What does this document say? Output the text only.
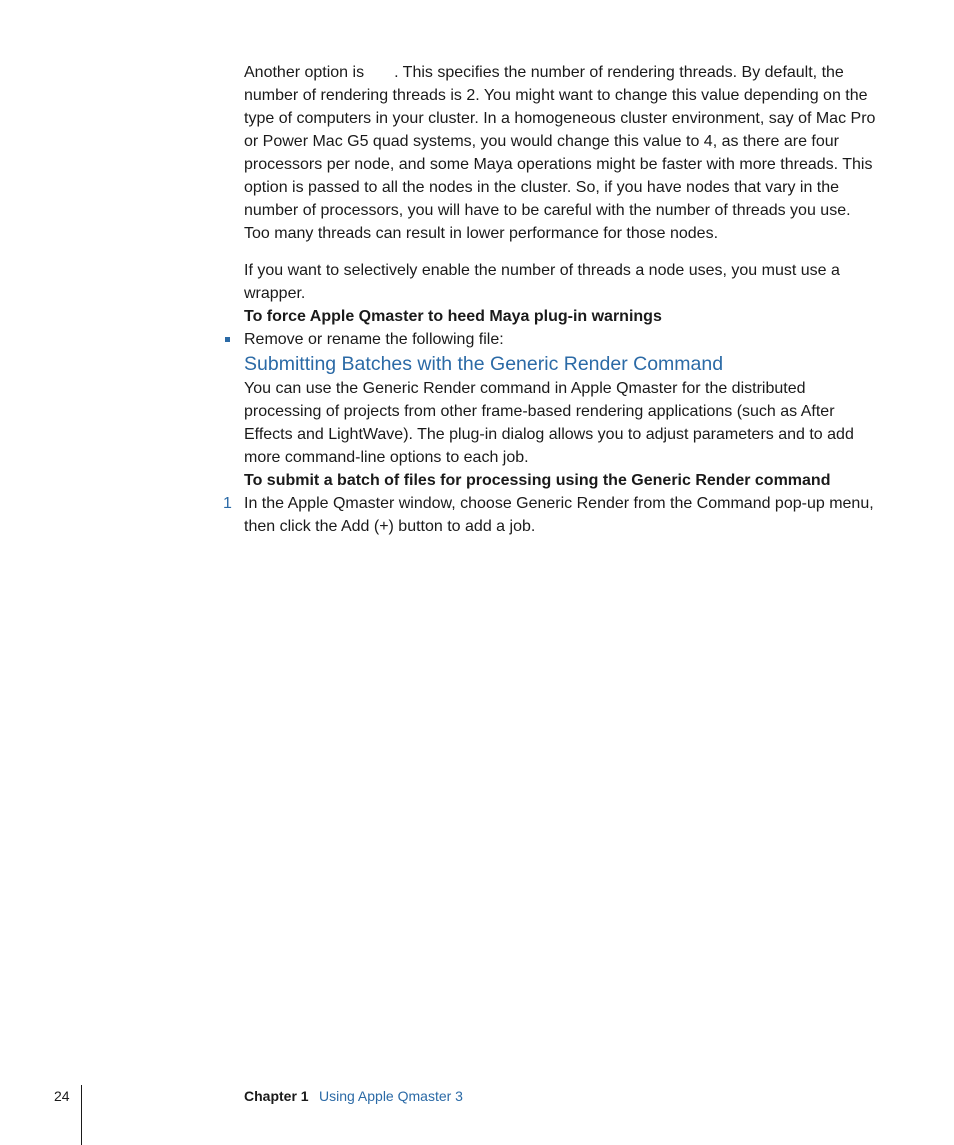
Another option is . This specifies the number of rendering threads. By default, the number of rendering threads is 2. You might want to change this value depending on the type of computers in your cluster. In a homogeneous cluster environment, say of Mac Pro or Power Mac G5 quad systems, you would change this value to 4, as there are four processors per node, and some Maya operations might be faster with more threads. This option is passed to all the nodes in the cluster. So, if you have nodes that vary in the number of processors, you will have to be careful with the number of threads you use. Too many threads can result in lower performance for those nodes.

If you want to selectively enable the number of threads a node uses, you must use a wrapper.

To force Apple Qmaster to heed Maya plug-in warnings

Remove or rename the following file:

Submitting Batches with the Generic Render Command

You can use the Generic Render command in Apple Qmaster for the distributed processing of projects from other frame-based rendering applications (such as After Effects and LightWave). The plug-in dialog allows you to adjust parameters and to add more command-line options to each job.

To submit a batch of files for processing using the Generic Render command

1 In the Apple Qmaster window, choose Generic Render from the Command pop-up menu, then click the Add (+) button to add a job.

24	Chapter 1 Using Apple Qmaster 3
